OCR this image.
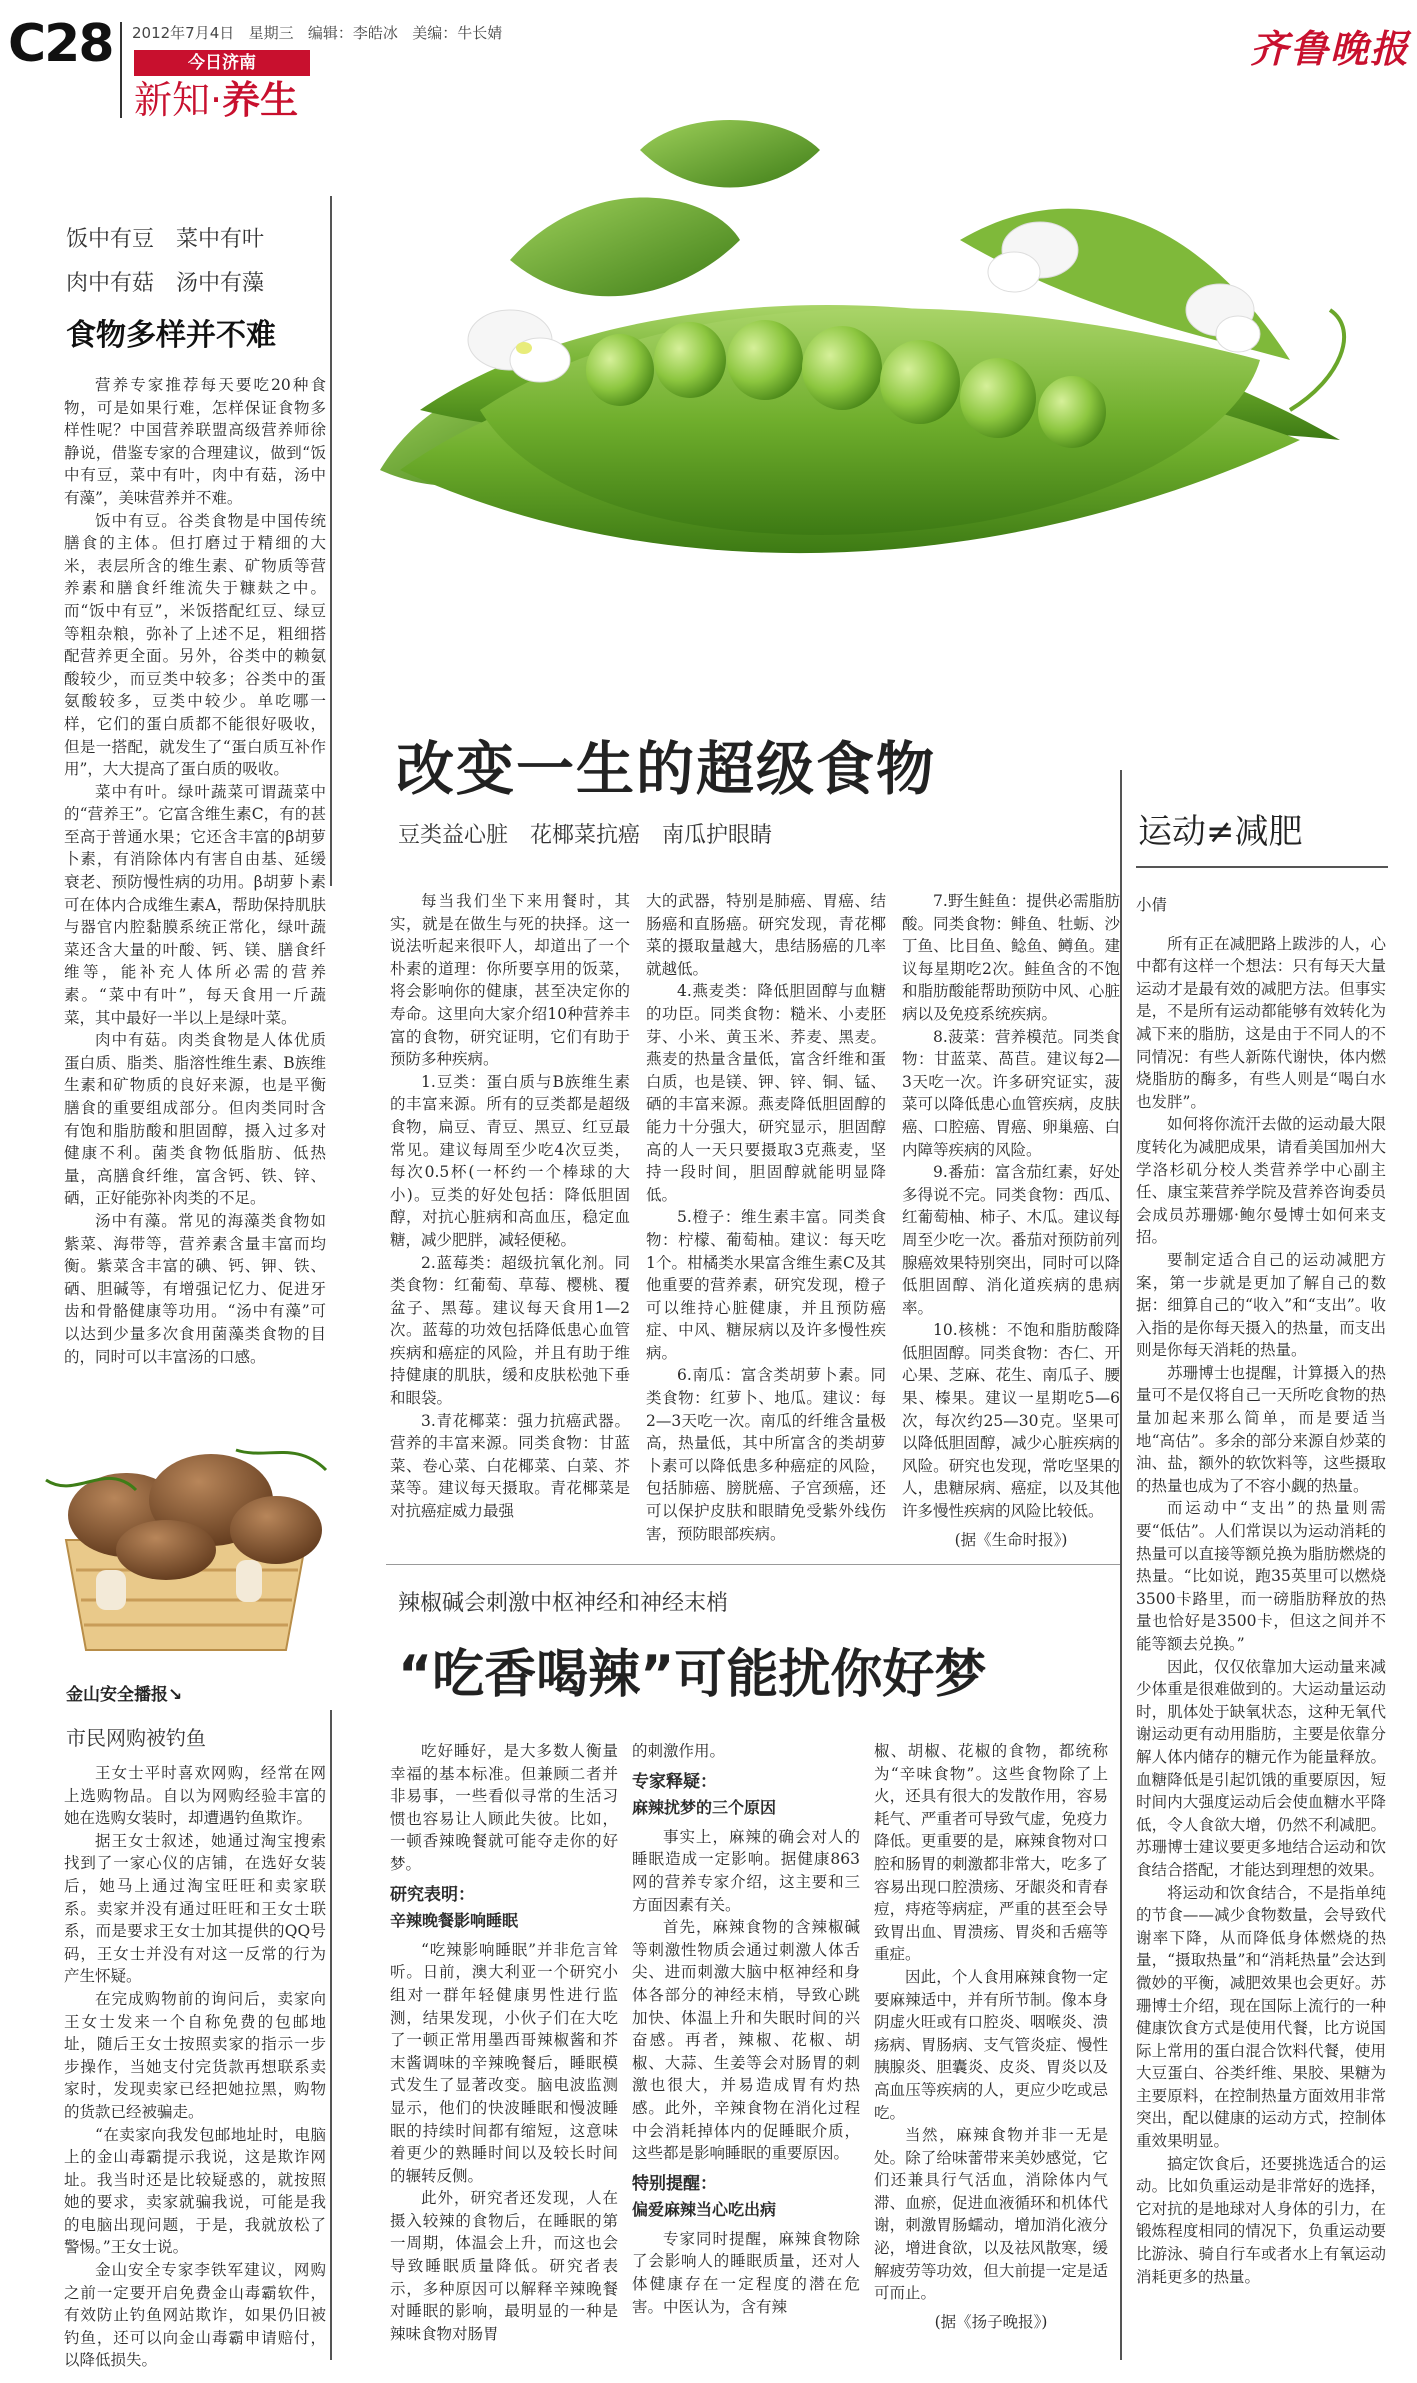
C28 2012年7月4日 星期三 编辑：李皓冰 美编：牛长婧
今日济南
新知·养生
齐鲁晚报
饭中有豆　菜中有叶
肉中有菇　汤中有藻
食物多样并不难

营养专家推荐每天要吃20种食物，可是如果行难，怎样保证食物多样性呢？中国营养联盟高级营养师徐静说，借鉴专家的合理建议，做到“饭中有豆，菜中有叶，肉中有菇，汤中有藻”，美味营养并不难。

饭中有豆。谷类食物是中国传统膳食的主体。但打磨过于精细的大米，表层所含的维生素、矿物质等营养素和膳食纤维流失于糠麸之中。而“饭中有豆”，米饭搭配红豆、绿豆等粗杂粮，弥补了上述不足，粗细搭配营养更全面。另外，谷类中的赖氨酸较少，而豆类中较多；谷类中的蛋氨酸较多，豆类中较少。单吃哪一样，它们的蛋白质都不能很好吸收，但是一搭配，就发生了“蛋白质互补作用”，大大提高了蛋白质的吸收。

菜中有叶。绿叶蔬菜可谓蔬菜中的“营养王”。它富含维生素C，有的甚至高于普通水果；它还含丰富的β胡萝卜素，有消除体内有害自由基、延缓衰老、预防慢性病的功用。β胡萝卜素可在体内合成维生素A，帮助保持肌肤与器官内腔黏膜系统正常化，绿叶蔬菜还含大量的叶酸、钙、镁、膳食纤维等，能补充人体所必需的营养素。“菜中有叶”，每天食用一斤蔬菜，其中最好一半以上是绿叶菜。

肉中有菇。肉类食物是人体优质蛋白质、脂类、脂溶性维生素、B族维生素和矿物质的良好来源，也是平衡膳食的重要组成部分。但肉类同时含有饱和脂肪酸和胆固醇，摄入过多对健康不利。菌类食物低脂肪、低热量，高膳食纤维，富含钙、铁、锌、硒，正好能弥补肉类的不足。

汤中有藻。常见的海藻类食物如紫菜、海带等，营养素含量丰富而均衡。紫菜含丰富的碘、钙、钾、铁、硒、胆碱等，有增强记忆力、促进牙齿和骨骼健康等功用。“汤中有藻”可以达到少量多次食用菌藻类食物的目的，同时可以丰富汤的口感。

改变一生的超级食物
豆类益心脏　花椰菜抗癌　南瓜护眼睛

每当我们坐下来用餐时，其实，就是在做生与死的抉择。这一说法听起来很吓人，却道出了一个朴素的道理：你所要享用的饭菜，将会影响你的健康，甚至决定你的寿命。这里向大家介绍10种营养丰富的食物，研究证明，它们有助于预防多种疾病。

1.豆类：蛋白质与B族维生素的丰富来源。所有的豆类都是超级食物，扁豆、青豆、黑豆、红豆最常见。建议每周至少吃4次豆类，每次0.5杯(一杯约一个棒球的大小)。豆类的好处包括：降低胆固醇，对抗心脏病和高血压，稳定血糖，减少肥胖，减轻便秘。

2.蓝莓类：超级抗氧化剂。同类食物：红葡萄、草莓、樱桃、覆盆子、黑莓。建议每天食用1—2次。蓝莓的功效包括降低患心血管疾病和癌症的风险，并且有助于维持健康的肌肤，缓和皮肤松弛下垂和眼袋。

3.青花椰菜：强力抗癌武器。营养的丰富来源。同类食物：甘蓝菜、卷心菜、白花椰菜、白菜、芥菜等。建议每天摄取。青花椰菜是对抗癌症威力最强

大的武器，特别是肺癌、胃癌、结肠癌和直肠癌。研究发现，青花椰菜的摄取量越大，患结肠癌的几率就越低。

4.燕麦类：降低胆固醇与血糖的功臣。同类食物：糙米、小麦胚芽、小米、黄玉米、荞麦、黑麦。燕麦的热量含量低，富含纤维和蛋白质，也是镁、钾、锌、铜、锰、硒的丰富来源。燕麦降低胆固醇的能力十分强大，研究显示，胆固醇高的人一天只要摄取3克燕麦，坚持一段时间，胆固醇就能明显降低。

5.橙子：维生素丰富。同类食物：柠檬、葡萄柚。建议：每天吃1个。柑橘类水果富含维生素C及其他重要的营养素，研究发现，橙子可以维持心脏健康，并且预防癌症、中风、糖尿病以及许多慢性疾病。

6.南瓜：富含类胡萝卜素。同类食物：红萝卜、地瓜。建议：每2—3天吃一次。南瓜的纤维含量极高，热量低，其中所富含的类胡萝卜素可以降低患多种癌症的风险，包括肺癌、膀胱癌、子宫颈癌，还可以保护皮肤和眼睛免受紫外线伤害，预防眼部疾病。

7.野生鲑鱼：提供必需脂肪酸。同类食物：鲱鱼、牡蛎、沙丁鱼、比目鱼、鲶鱼、鳟鱼。建议每星期吃2次。鲑鱼含的不饱和脂肪酸能帮助预防中风、心脏病以及免疫系统疾病。

8.菠菜：营养模范。同类食物：甘蓝菜、萵苣。建议每2—3天吃一次。许多研究证实，菠菜可以降低患心血管疾病，皮肤癌、口腔癌、胃癌、卵巢癌、白内障等疾病的风险。

9.番茄：富含茄红素，好处多得说不完。同类食物：西瓜、红葡萄柚、柿子、木瓜。建议每周至少吃一次。番茄对预防前列腺癌效果特别突出，同时可以降低胆固醇、消化道疾病的患病率。

10.核桃：不饱和脂肪酸降低胆固醇。同类食物：杏仁、开心果、芝麻、花生、南瓜子、腰果、榛果。建议一星期吃5—6次，每次约25—30克。坚果可以降低胆固醇，减少心脏疾病的风险。研究也发现，常吃坚果的人，患糖尿病、癌症，以及其他许多慢性疾病的风险比较低。

(据《生命时报》)

运动≠减肥

小倩

所有正在减肥路上跋涉的人，心中都有这样一个想法：只有每天大量运动才是最有效的减肥方法。但事实是，不是所有运动都能够有效转化为减下来的脂肪，这是由于不同人的不同情况：有些人新陈代谢快，体内燃烧脂肪的酶多，有些人则是“喝白水也发胖”。

如何将你流汗去做的运动最大限度转化为减肥成果，请看美国加州大学洛杉矶分校人类营养学中心副主任、康宝莱营养学院及营养咨询委员会成员苏珊娜·鲍尔曼博士如何来支招。

要制定适合自己的运动减肥方案，第一步就是更加了解自己的数据：细算自己的“收入”和“支出”。收入指的是你每天摄入的热量，而支出则是你每天消耗的热量。

苏珊博士也提醒，计算摄入的热量可不是仅将自己一天所吃食物的热量加起来那么简单，而是要适当地“高估”。多余的部分来源自炒菜的油、盐，额外的软饮料等，这些摄取的热量也成为了不容小觑的热量。

而运动中“支出”的热量则需要“低估”。人们常误以为运动消耗的热量可以直接等额兑换为脂肪燃烧的热量。“比如说，跑35英里可以燃烧3500卡路里，而一磅脂肪释放的热量也恰好是3500卡，但这之间并不能等额去兑换。”

因此，仅仅依靠加大运动量来减少体重是很难做到的。大运动量运动时，肌体处于缺氧状态，这种无氧代谢运动更有动用脂肪，主要是依靠分解人体内储存的糖元作为能量释放。血糖降低是引起饥饿的重要原因，短时间内大强度运动后会使血糖水平降低，令人食欲大增，仍然不利减肥。苏珊博士建议要更多地结合运动和饮食结合搭配，才能达到理想的效果。

将运动和饮食结合，不是指单纯的节食——减少食物数量，会导致代谢率下降，从而降低身体燃烧的热量，“摄取热量”和“消耗热量”会达到微妙的平衡，减肥效果也会更好。苏珊博士介绍，现在国际上流行的一种健康饮食方式是使用代餐，比方说国际上常用的蛋白混合饮料代餐，使用大豆蛋白、谷类纤维、果胶、果糖为主要原料，在控制热量方面效用非常突出，配以健康的运动方式，控制体重效果明显。

搞定饮食后，还要挑选适合的运动。比如负重运动是非常好的选择，它对抗的是地球对人身体的引力，在锻炼程度相同的情况下，负重运动要比游泳、骑自行车或者水上有氧运动消耗更多的热量。

金山安全播报↘
市民网购被钓鱼

王女士平时喜欢网购，经常在网上选购物品。自以为网购经验丰富的她在选购女装时，却遭遇钓鱼欺诈。

据王女士叙述，她通过淘宝搜索找到了一家心仪的店铺，在选好女装后，她马上通过淘宝旺旺和卖家联系。卖家并没有通过旺旺和王女士联系，而是要求王女士加其提供的QQ号码，王女士并没有对这一反常的行为产生怀疑。

在完成购物前的询问后，卖家向王女士发来一个自称免费的包邮地址，随后王女士按照卖家的指示一步步操作，当她支付完货款再想联系卖家时，发现卖家已经把她拉黑，购物的货款已经被骗走。

“在卖家向我发包邮地址时，电脑上的金山毒霸提示我说，这是欺诈网址。我当时还是比较疑惑的，就按照她的要求，卖家就骗我说，可能是我的电脑出现问题，于是，我就放松了警惕。”王女士说。

金山安全专家李铁军建议，网购之前一定要开启免费金山毒霸软件，有效防止钓鱼网站欺诈，如果仍旧被钓鱼，还可以向金山毒霸申请赔付，以降低损失。

辣椒碱会刺激中枢神经和神经末梢
“吃香喝辣”可能扰你好梦

吃好睡好，是大多数人衡量幸福的基本标准。但兼顾二者并非易事，一些看似寻常的生活习惯也容易让人顾此失彼。比如，一顿香辣晚餐就可能夺走你的好梦。

研究表明：

辛辣晚餐影响睡眠

“吃辣影响睡眠”并非危言耸听。日前，澳大利亚一个研究小组对一群年轻健康男性进行监测，结果发现，小伙子们在大吃了一顿正常用墨西哥辣椒酱和芥末酱调味的辛辣晚餐后，睡眠模式发生了显著改变。脑电波监测显示，他们的快波睡眠和慢波睡眠的持续时间都有缩短，这意味着更少的熟睡时间以及较长时间的辗转反侧。

此外，研究者还发现，人在摄入较辣的食物后，在睡眠的第一周期，体温会上升，而这也会导致睡眠质量降低。研究者表示，多种原因可以解释辛辣晚餐对睡眠的影响，最明显的一种是辣味食物对肠胃

的刺激作用。

专家释疑：

麻辣扰梦的三个原因

事实上，麻辣的确会对人的睡眠造成一定影响。据健康863网的营养专家介绍，这主要和三方面因素有关。

首先，麻辣食物的含辣椒碱等刺激性物质会通过刺激人体舌尖、进而刺激大脑中枢神经和身体各部分的神经末梢，导致心跳加快、体温上升和失眠时间的兴奋感。再者，辣椒、花椒、胡椒、大蒜、生姜等会对肠胃的刺激也很大，并易造成胃有灼热感。此外，辛辣食物在消化过程中会消耗掉体内的促睡眠介质，这些都是影响睡眠的重要原因。

特别提醒：

偏爱麻辣当心吃出病

专家同时提醒，麻辣食物除了会影响人的睡眠质量，还对人体健康存在一定程度的潜在危害。中医认为，含有辣

椒、胡椒、花椒的食物，都统称为“辛味食物”。这些食物除了上火，还具有很大的发散作用，容易耗气、严重者可导致气虚，免疫力降低。更重要的是，麻辣食物对口腔和肠胃的刺激都非常大，吃多了容易出现口腔溃疡、牙龈炎和青春痘，痔疮等病症，严重的甚至会导致胃出血、胃溃疡、胃炎和舌癌等重症。

因此，个人食用麻辣食物一定要麻辣适中，并有所节制。像本身阴虚火旺或有口腔炎、咽喉炎、溃疡病、胃肠病、支气管炎症、慢性胰腺炎、胆囊炎、皮炎、胃炎以及高血压等疾病的人，更应少吃或忌吃。

当然，麻辣食物并非一无是处。除了给味蕾带来美妙感觉，它们还兼具行气活血，消除体内气滞、血瘀，促进血液循环和机体代谢，刺激胃肠蠕动，增加消化液分泌，增进食欲，以及祛风散寒，缓解疲劳等功效，但大前提一定是适可而止。

(据《扬子晚报》)
